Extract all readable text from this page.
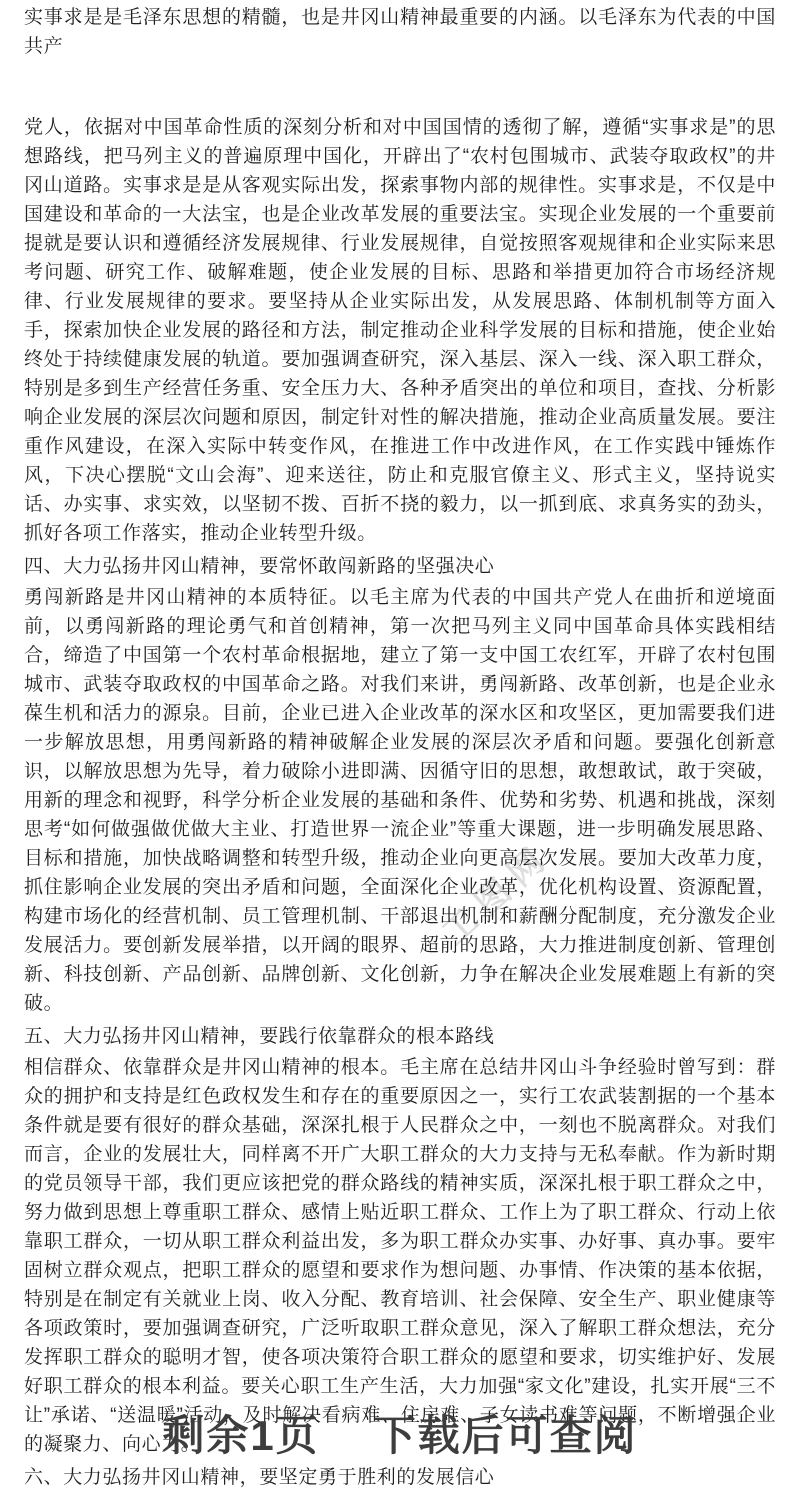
实事求是是毛泽东思想的精髓，也是井冈山精神最重要的内涵。以毛泽东为代表的中国共产

党人，依据对中国革命性质的深刻分析和对中国国情的透彻了解，遵循“实事求是”的思想路线，把马列主义的普遍原理中国化，开辟出了“农村包围城市、武装夺取政权”的井冈山道路。实事求是是从客观实际出发，探索事物内部的规律性。实事求是，不仅是中国建设和革命的一大法宝，也是企业改革发展的重要法宝。实现企业发展的一个重要前提就是要认识和遵循经济发展规律、行业发展规律，自觉按照客观规律和企业实际来思考问题、研究工作、破解难题，使企业发展的目标、思路和举措更加符合市场经济规律、行业发展规律的要求。要坚持从企业实际出发，从发展思路、体制机制等方面入手，探索加快企业发展的路径和方法，制定推动企业科学发展的目标和措施，使企业始终处于持续健康发展的轨道。要加强调查研究，深入基层、深入一线、深入职工群众，特别是多到生产经营任务重、安全压力大、各种矛盾突出的单位和项目，查找、分析影响企业发展的深层次问题和原因，制定针对性的解决措施，推动企业高质量发展。要注重作风建设，在深入实际中转变作风，在推进工作中改进作风，在工作实践中锤炼作风，下决心摆脱“文山会海”、迎来送往，防止和克服官僚主义、形式主义，坚持说实话、办实事、求实效，以坚韧不拨、百折不挠的毅力，以一抓到底、求真务实的劲头，抓好各项工作落实，推动企业转型升级。

四、大力弘扬井冈山精神，要常怀敢闯新路的坚强决心

勇闯新路是井冈山精神的本质特征。以毛主席为代表的中国共产党人在曲折和逆境面前，以勇闯新路的理论勇气和首创精神，第一次把马列主义同中国革命具体实践相结合，缔造了中国第一个农村革命根据地，建立了第一支中国工农红军，开辟了农村包围城市、武装夺取政权的中国革命之路。对我们来讲，勇闯新路、改革创新，也是企业永葆生机和活力的源泉。目前，企业已进入企业改革的深水区和攻坚区，更加需要我们进一步解放思想，用勇闯新路的精神破解企业发展的深层次矛盾和问题。要强化创新意识，以解放思想为先导，着力破除小进即满、因循守旧的思想，敢想敢试，敢于突破，用新的理念和视野，科学分析企业发展的基础和条件、优势和劣势、机遇和挑战，深刻思考“如何做强做优做大主业、打造世界一流企业”等重大课题，进一步明确发展思路、目标和措施，加快战略调整和转型升级，推动企业向更高层次发展。要加大改革力度，抓住影响企业发展的突出矛盾和问题，全面深化企业改革，优化机构设置、资源配置，构建市场化的经营机制、员工管理机制、干部退出机制和薪酬分配制度，充分激发企业发展活力。要创新发展举措，以开阔的眼界、超前的思路，大力推进制度创新、管理创新、科技创新、产品创新、品牌创新、文化创新，力争在解决企业发展难题上有新的突破。

五、大力弘扬井冈山精神，要践行依靠群众的根本路线

相信群众、依靠群众是井冈山精神的根本。毛主席在总结井冈山斗争经验时曾写到：群众的拥护和支持是红色政权发生和存在的重要原因之一，实行工农武装割据的一个基本条件就是要有很好的群众基础，深深扎根于人民群众之中，一刻也不脱离群众。对我们而言，企业的发展壮大，同样离不开广大职工群众的大力支持与无私奉献。作为新时期的党员领导干部，我们更应该把党的群众路线的精神实质，深深扎根于职工群众之中，努力做到思想上尊重职工群众、感情上贴近职工群众、工作上为了职工群众、行动上依靠职工群众，一切从职工群众利益出发，多为职工群众办实事、办好事、真办事。要牢固树立群众观点，把职工群众的愿望和要求作为想问题、办事情、作决策的基本依据，特别是在制定有关就业上岗、收入分配、教育培训、社会保障、安全生产、职业健康等各项政策时，要加强调查研究，广泛听取职工群众意见，深入了解职工群众想法，充分发挥职工群众的聪明才智，使各项决策符合职工群众的愿望和要求，切实维护好、发展好职工群众的根本利益。要关心职工生产生活，大力加强“家文化”建设，扎实开展“三不让”承诺、“送温暖”活动，及时解决看病难、住房难、子女读书难等问题，不断增强企业的凝聚力、向心力。

六、大力弘扬井冈山精神，要坚定勇于胜利的发展信心

工图网
剩余1页 下载后可查阅
